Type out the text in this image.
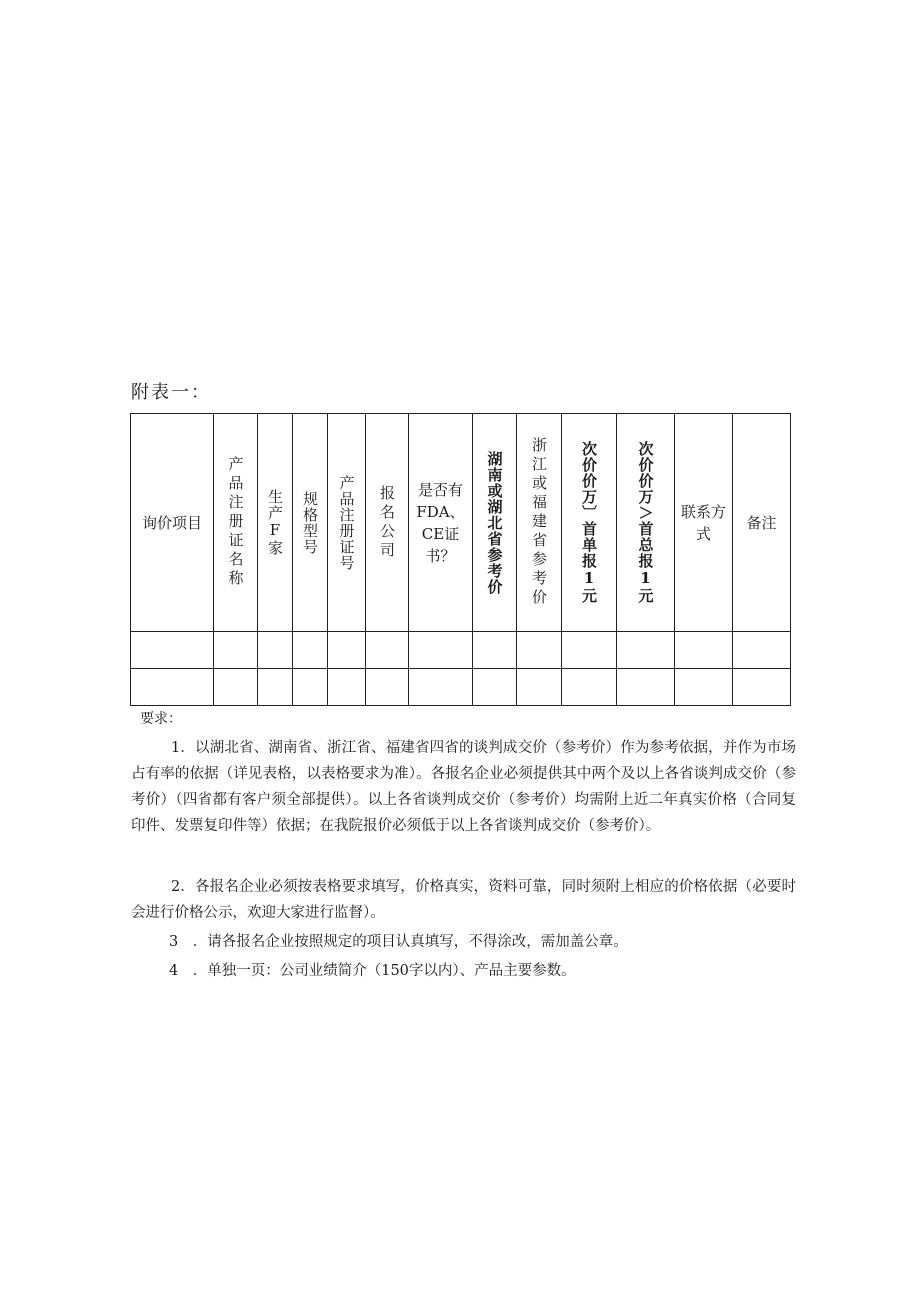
附表一：
询价项目	产品注册证名称	生产F家	规格型号	产品注册证号	报名公司	是否有FDA、CE证书？	湖南或湖北省参考价	浙江或福建省参考价	次价价万〕首单报1元	次价价万＞首总报1元	联系方式	备注

要求：
1．以湖北省、湖南省、浙江省、福建省四省的谈判成交价（参考价）作为参考依据，并作为市场占有率的依据（详见表格，以表格要求为准）。各报名企业必须提供其中两个及以上各省谈判成交价（参考价）（四省都有客户须全部提供）。以上各省谈判成交价（参考价）均需附上近二年真实价格（合同复印件、发票复印件等）依据；在我院报价必须低于以上各省谈判成交价（参考价）。
2．各报名企业必须按表格要求填写，价格真实，资料可靠，同时须附上相应的价格依据（必要时会进行价格公示，欢迎大家进行监督）。
3　．请各报名企业按照规定的项目认真填写，不得涂改，需加盖公章。
4　．单独一页：公司业绩简介（150字以内）、产品主要参数。
